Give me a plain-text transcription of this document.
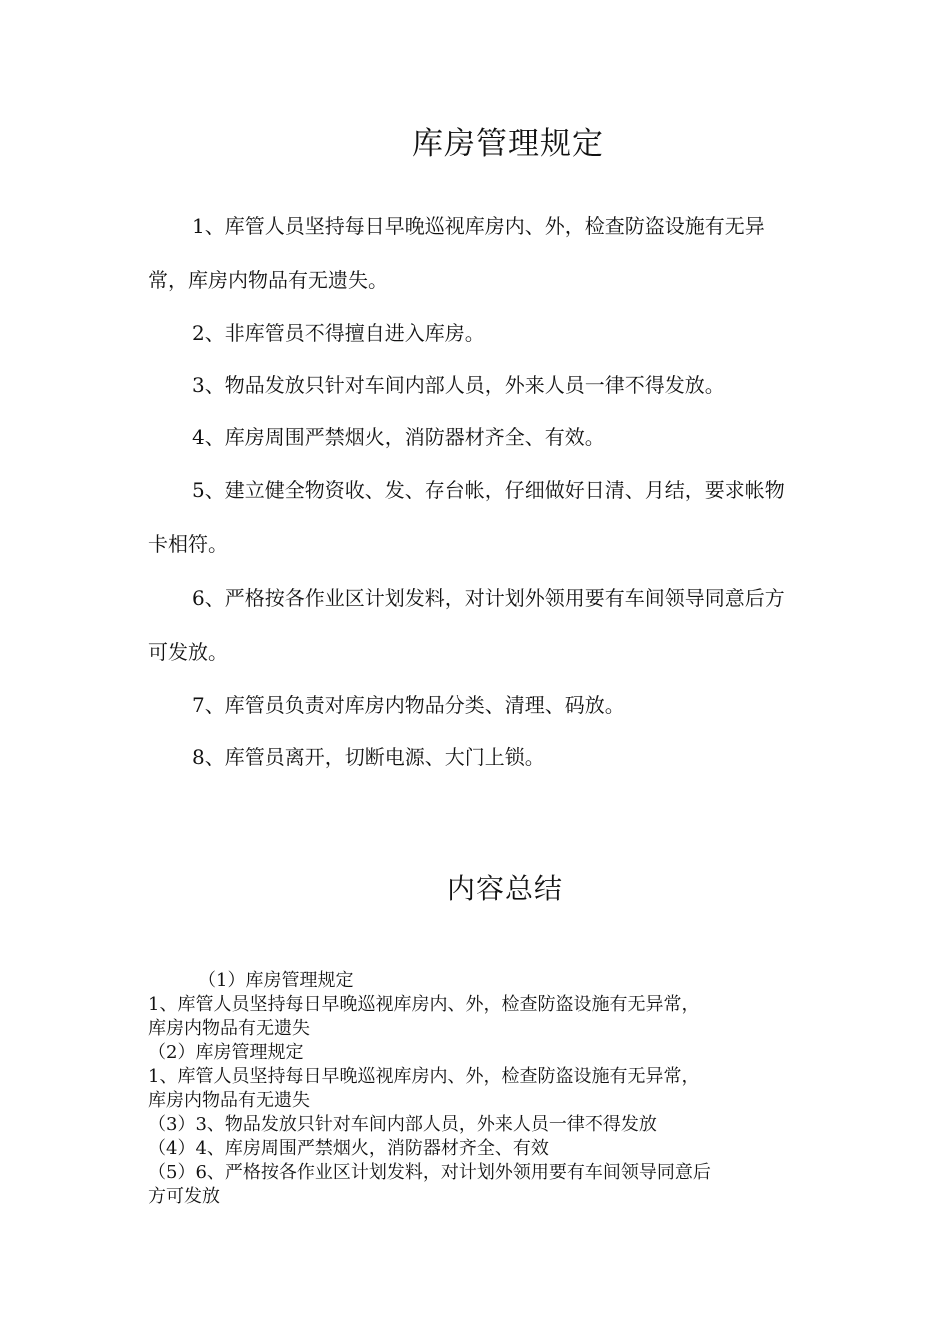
库房管理规定

1、库管人员坚持每日早晚巡视库房内、外，检查防盗设施有无异常，库房内物品有无遗失。

2、非库管员不得擅自进入库房。

3、物品发放只针对车间内部人员，外来人员一律不得发放。

4、库房周围严禁烟火，消防器材齐全、有效。

5、建立健全物资收、发、存台帐，仔细做好日清、月结，要求帐物卡相符。

6、严格按各作业区计划发料，对计划外领用要有车间领导同意后方可发放。

7、库管员负责对库房内物品分类、清理、码放。

8、库管员离开，切断电源、大门上锁。

内容总结

（1）库房管理规定

1、库管人员坚持每日早晚巡视库房内、外，检查防盗设施有无异常，

库房内物品有无遗失

（2）库房管理规定

1、库管人员坚持每日早晚巡视库房内、外，检查防盗设施有无异常，

库房内物品有无遗失

（3）3、物品发放只针对车间内部人员，外来人员一律不得发放

（4）4、库房周围严禁烟火，消防器材齐全、有效

（5）6、严格按各作业区计划发料，对计划外领用要有车间领导同意后

方可发放
